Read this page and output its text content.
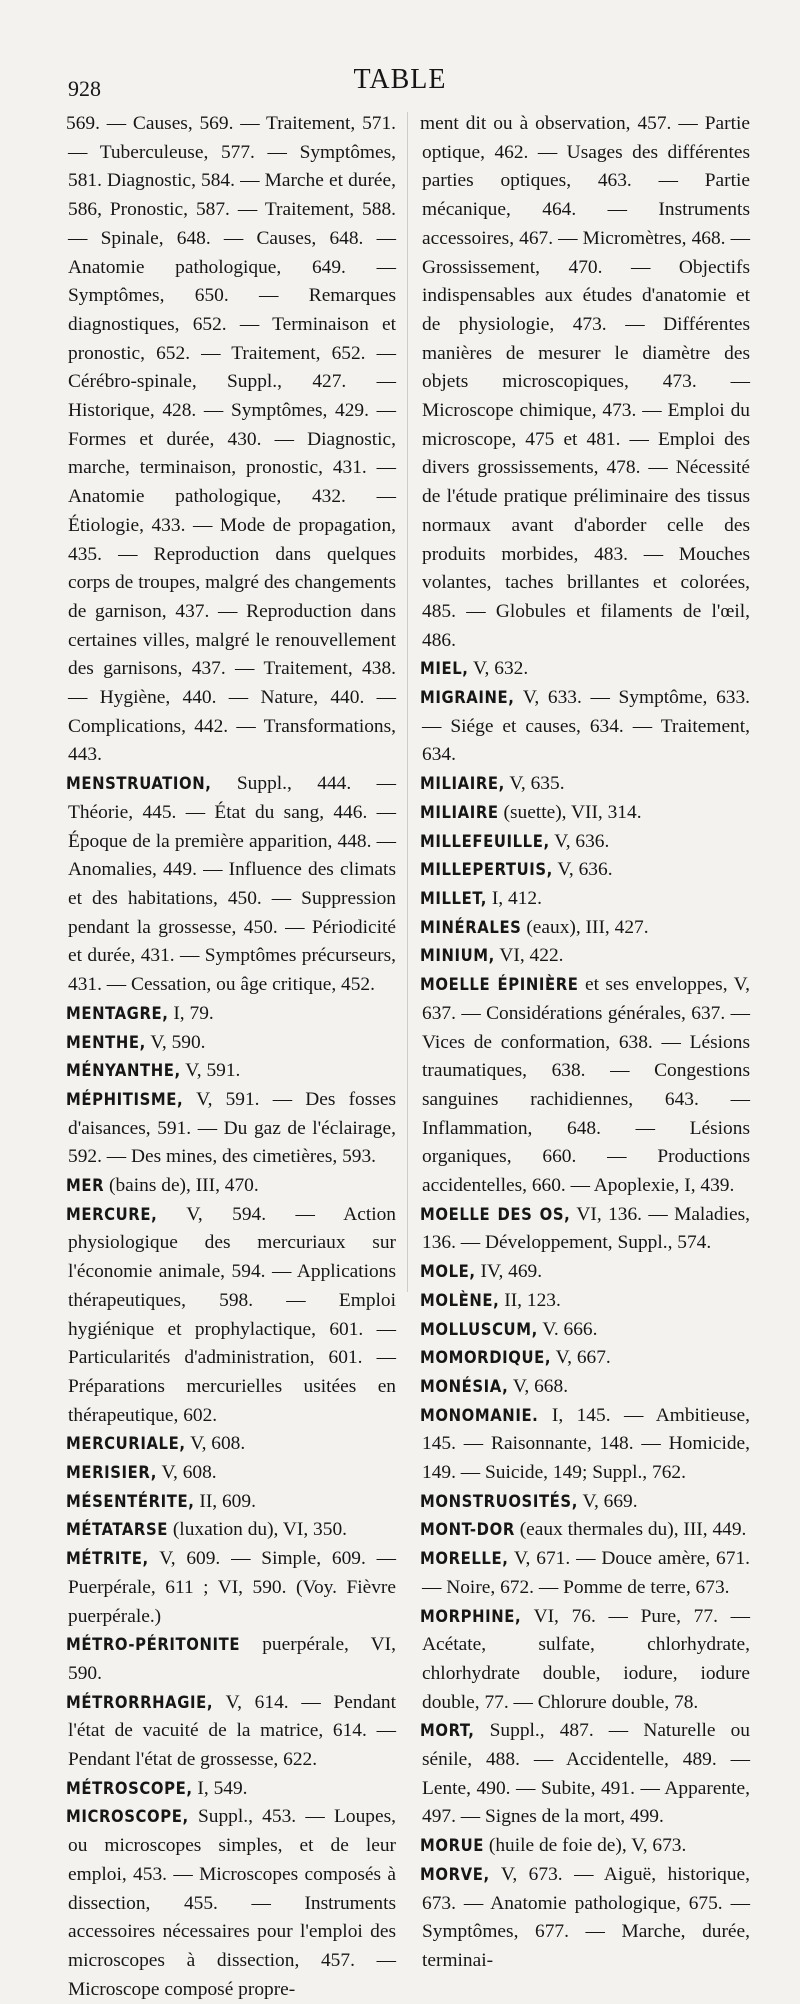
928	TABLE

569. — Causes, 569. — Traitement, 571. — Tuberculeuse, 577. — Symptômes, 581. Diagnostic, 584. — Marche et durée, 586, Pronostic, 587. — Traitement, 588. — Spinale, 648. — Causes, 648. — Anatomie pathologique, 649. — Symptômes, 650. — Remarques diagnostiques, 652. — Terminaison et pronostic, 652. — Traitement, 652. — Cérébro-spinale, Suppl., 427. — Historique, 428. — Symptômes, 429. — Formes et durée, 430. — Diagnostic, marche, terminaison, pronostic, 431. — Anatomie pathologique, 432. — Étiologie, 433. — Mode de propagation, 435. — Reproduction dans quelques corps de troupes, malgré des changements de garnison, 437. — Reproduction dans certaines villes, malgré le renouvellement des garnisons, 437. — Traitement, 438. — Hygiène, 440. — Nature, 440. — Complications, 442. — Transformations, 443.

MENSTRUATION, Suppl., 444. — Théorie, 445. — État du sang, 446. — Époque de la première apparition, 448. — Anomalies, 449. — Influence des climats et des habitations, 450. — Suppression pendant la grossesse, 450. — Périodicité et durée, 431. — Symptômes précurseurs, 431. — Cessation, ou âge critique, 452.

MENTAGRE, I, 79.

MENTHE, V, 590.

MÉNYANTHE, V, 591.

MÉPHITISME, V, 591. — Des fosses d'aisances, 591. — Du gaz de l'éclairage, 592. — Des mines, des cimetières, 593.

MER (bains de), III, 470.

MERCURE, V, 594. — Action physiologique des mercuriaux sur l'économie animale, 594. — Applications thérapeutiques, 598. — Emploi hygiénique et prophylactique, 601. — Particularités d'administration, 601. — Préparations mercurielles usitées en thérapeutique, 602.

MERCURIALE, V, 608.

MERISIER, V, 608.

MÉSENTÉRITE, II, 609.

MÉTATARSE (luxation du), VI, 350.

MÉTRITE, V, 609. — Simple, 609. — Puerpérale, 611 ; VI, 590. (Voy. Fièvre puerpérale.)

MÉTRO-PÉRITONITE puerpérale, VI, 590.

MÉTRORRHAGIE, V, 614. — Pendant l'état de vacuité de la matrice, 614. — Pendant l'état de grossesse, 622.

MÉTROSCOPE, I, 549.

MICROSCOPE, Suppl., 453. — Loupes, ou microscopes simples, et de leur emploi, 453. — Microscopes composés à dissection, 455. — Instruments accessoires nécessaires pour l'emploi des microscopes à dissection, 457. — Microscope composé propre-

ment dit ou à observation, 457. — Partie optique, 462. — Usages des différentes parties optiques, 463. — Partie mécanique, 464. — Instruments accessoires, 467. — Micromètres, 468. — Grossissement, 470. — Objectifs indispensables aux études d'anatomie et de physiologie, 473. — Différentes manières de mesurer le diamètre des objets microscopiques, 473. — Microscope chimique, 473. — Emploi du microscope, 475 et 481. — Emploi des divers grossissements, 478. — Nécessité de l'étude pratique préliminaire des tissus normaux avant d'aborder celle des produits morbides, 483. — Mouches volantes, taches brillantes et colorées, 485. — Globules et filaments de l'œil, 486.

MIEL, V, 632.

MIGRAINE, V, 633. — Symptôme, 633. — Siége et causes, 634. — Traitement, 634.

MILIAIRE, V, 635.

MILIAIRE (suette), VII, 314.

MILLEFEUILLE, V, 636.

MILLEPERTUIS, V, 636.

MILLET, I, 412.

MINÉRALES (eaux), III, 427.

MINIUM, VI, 422.

MOELLE ÉPINIÈRE et ses enveloppes, V, 637. — Considérations générales, 637. — Vices de conformation, 638. — Lésions traumatiques, 638. — Congestions sanguines rachidiennes, 643. — Inflammation, 648. — Lésions organiques, 660. — Productions accidentelles, 660. — Apoplexie, I, 439.

MOELLE DES OS, VI, 136. — Maladies, 136. — Développement, Suppl., 574.

MOLE, IV, 469.

MOLÈNE, II, 123.

MOLLUSCUM, V. 666.

MOMORDIQUE, V, 667.

MONÉSIA, V, 668.

MONOMANIE. I, 145. — Ambitieuse, 145. — Raisonnante, 148. — Homicide, 149. — Suicide, 149; Suppl., 762.

MONSTRUOSITÉS, V, 669.

MONT-DOR (eaux thermales du), III, 449.

MORELLE, V, 671. — Douce amère, 671. — Noire, 672. — Pomme de terre, 673.

MORPHINE, VI, 76. — Pure, 77. — Acétate, sulfate, chlorhydrate, chlorhydrate double, iodure, iodure double, 77. — Chlorure double, 78.

MORT, Suppl., 487. — Naturelle ou sénile, 488. — Accidentelle, 489. — Lente, 490. — Subite, 491. — Apparente, 497. — Signes de la mort, 499.

MORUE (huile de foie de), V, 673.

MORVE, V, 673. — Aiguë, historique, 673. — Anatomie pathologique, 675. — Symptômes, 677. — Marche, durée, terminai-
